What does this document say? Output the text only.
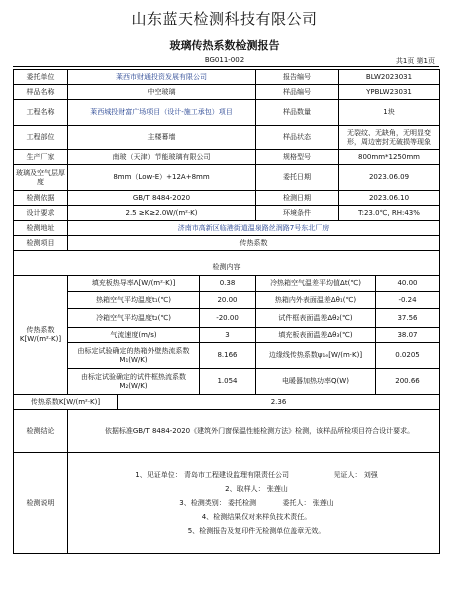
山东蓝天检测科技有限公司
玻璃传热系数检测报告
BG011-002	共1页 第1页
委托单位	莱西市财通投资发展有限公司			报告编号	BLW2023031	
样品名称	中空玻璃			样品编号	YPBLW23031	
工程名称	莱西城投财富广场项目（设计-施工承包）项目			样品数量	1块	
工程部位	主楼幕墙			样品状态	无裂纹、无缺角，无明显变形，周边密封无破损等现象	
生产厂家	南玻（天津）节能玻璃有限公司			规格型号	800mm*1250mm	
玻璃及空气层厚度	8mm（Low-E）+12A+8mm			委托日期	2023.06.09	
检测依据	GB/T 8484-2020			检测日期	2023.06.10	
设计要求	2.5 ≥K≥2.0W/(m²·K)			环境条件	T:23.0℃, RH:43%	
检测地址	济南市高新区临港街道温泉路丝润路7号东北厂房					
检测项目	传热系数					

检测内容						
传热系数K[W/(m²·K)]	填充板热导率Λ[W/(m²·K)]		0.38	冷热箱空气温差平均值Δt(℃)		40.00
	热箱空气平均温度t₁(℃)		20.00	热箱内外表面温差Δθ₁(℃)		-0.24
	冷箱空气平均温度t₂(℃)		-20.00	试件框表面温差Δθ₂(℃)		37.56
	气流速度(m/s)		3	填充板表面温差Δθ₃(℃)		38.07
	由标定试验确定的热箱外壁热流系数M₁(W/K)		8.166	边缘线传热系数ψ₁ₑ[W/(m·K)]		0.0205
	由标定试验确定的试件框热流系数M₂(W/K)		1.054	电暖器加热功率Q(W)		200.66
传热系数K[W/(m²·K)]		2.36				
检测结论	依据标准GB/T 8484-2020《建筑外门窗保温性能检测方法》检测，该样品所检项目符合设计要求。					
检测说明	1、见证单位： 青岛市工程建设监理有限责任公司 见证人： 刘强
2、取样人： 张莲山
3、检测类别： 委托检测 委托人： 张莲山
4、检测结果仅对来样负技术责任。
5、检测报告及复印件无检测单位盖章无效。					
